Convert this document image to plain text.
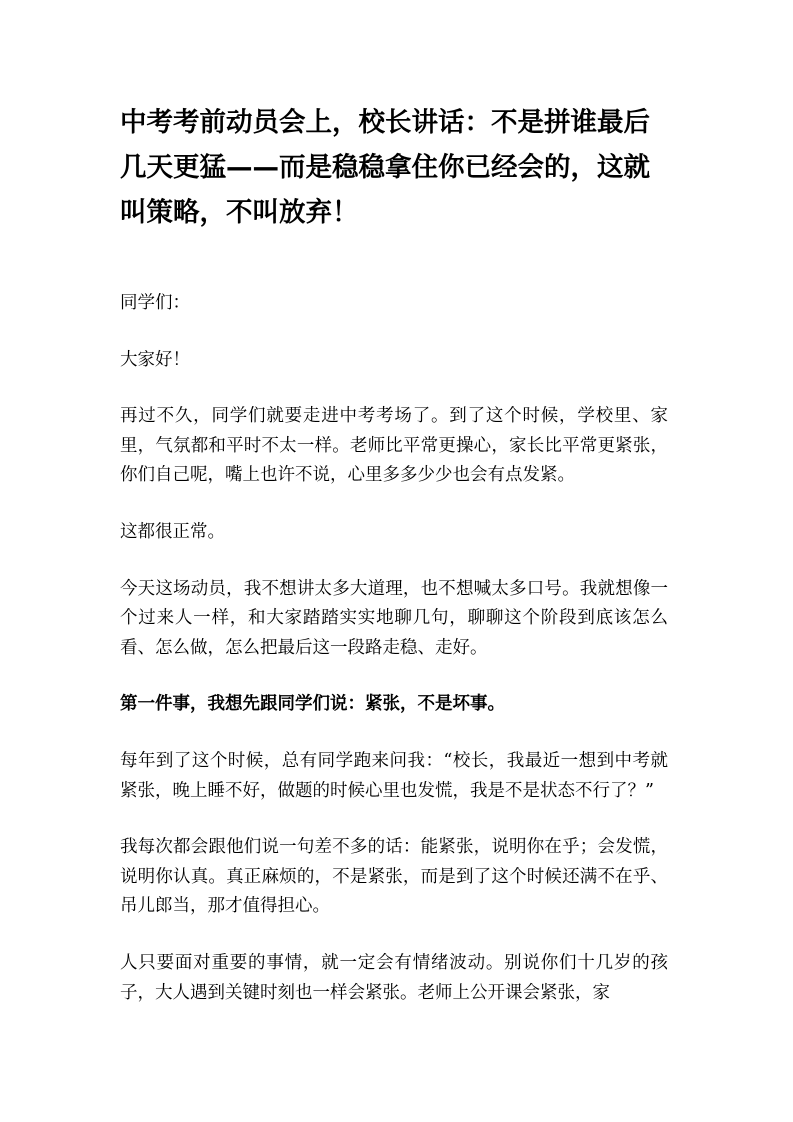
中考考前动员会上，校长讲话：不是拼谁最后几天更猛——而是稳稳拿住你已经会的，这就叫策略，不叫放弃！

同学们：

大家好！

再过不久，同学们就要走进中考考场了。到了这个时候，学校里、家里，气氛都和平时不太一样。老师比平常更操心，家长比平常更紧张，你们自己呢，嘴上也许不说，心里多多少少也会有点发紧。

这都很正常。

今天这场动员，我不想讲太多大道理，也不想喊太多口号。我就想像一个过来人一样，和大家踏踏实实地聊几句，聊聊这个阶段到底该怎么看、怎么做，怎么把最后这一段路走稳、走好。

第一件事，我想先跟同学们说：紧张，不是坏事。

每年到了这个时候，总有同学跑来问我：“校长，我最近一想到中考就紧张，晚上睡不好，做题的时候心里也发慌，我是不是状态不行了？”

我每次都会跟他们说一句差不多的话：能紧张，说明你在乎；会发慌，说明你认真。真正麻烦的，不是紧张，而是到了这个时候还满不在乎、吊儿郎当，那才值得担心。

人只要面对重要的事情，就一定会有情绪波动。别说你们十几岁的孩子，大人遇到关键时刻也一样会紧张。老师上公开课会紧张，家
